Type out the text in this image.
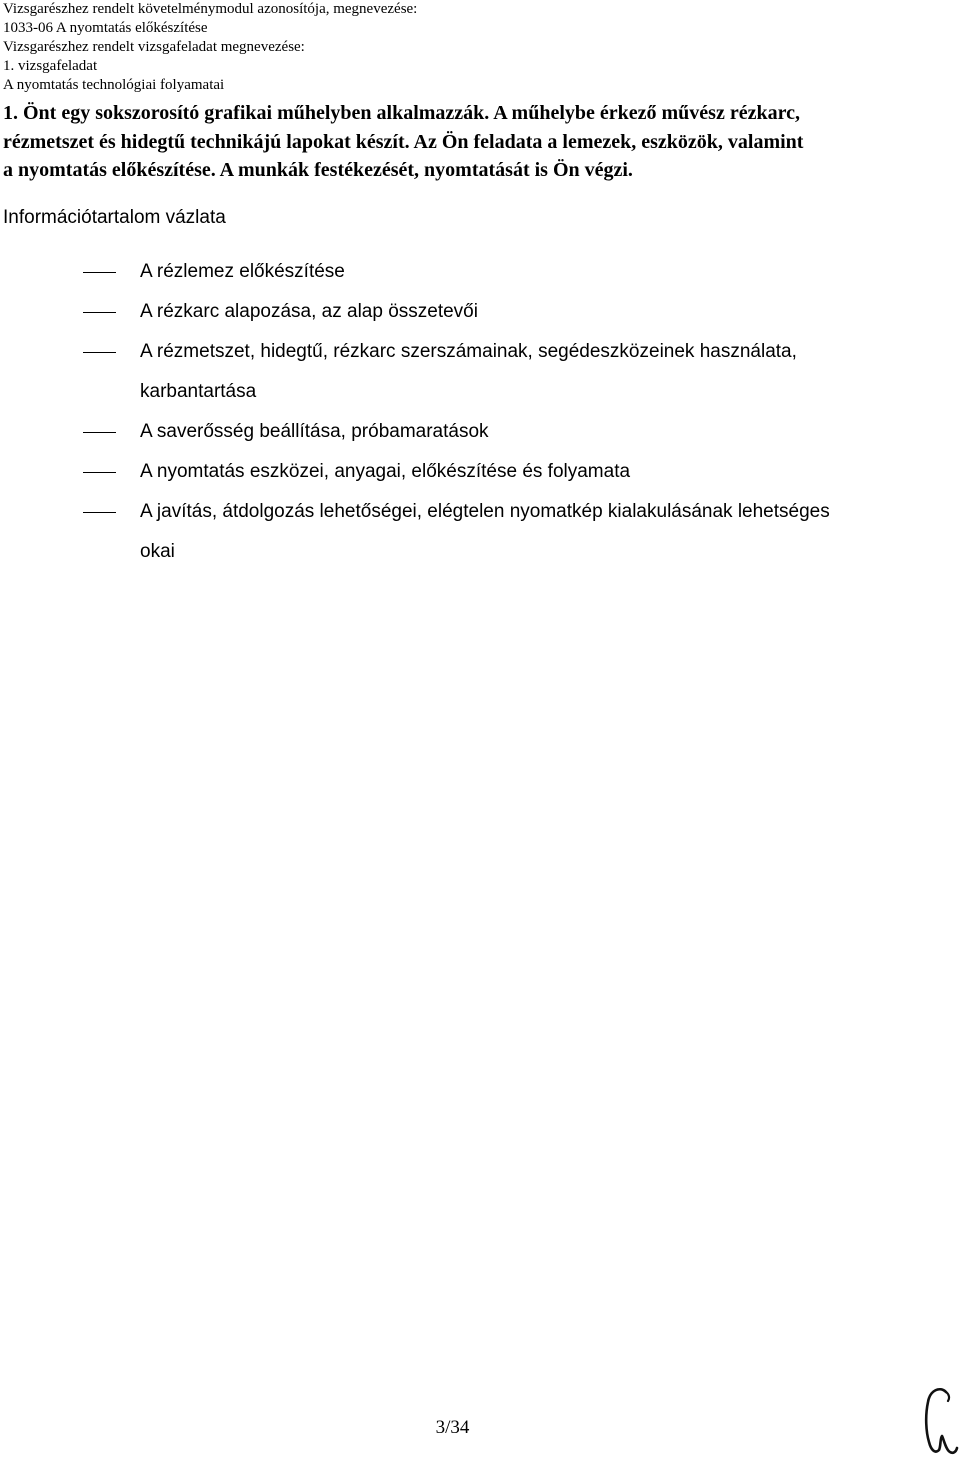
Vizsgarészhez rendelt követelménymodul azonosítója, megnevezése:
1033-06 A nyomtatás előkészítése
Vizsgarészhez rendelt vizsgafeladat megnevezése:
1. vizsgafeladat
A nyomtatás technológiai folyamatai
1. Önt egy sokszorosító grafikai műhelyben alkalmazzák. A műhelybe érkező művész rézkarc,
rézmetszet és hidegtű technikájú lapokat készít. Az Ön feladata a lemezek, eszközök, valamint
a nyomtatás előkészítése. A munkák festékezését, nyomtatását is Ön végzi.
Információtartalom vázlata
A rézlemez előkészítése
A rézkarc alapozása, az alap összetevői
A rézmetszet, hidegtű, rézkarc szerszámainak, segédeszközeinek használata,
karbantartása
A saverősség beállítása, próbamaratások
A nyomtatás eszközei, anyagai, előkészítése és folyamata
A javítás, átdolgozás lehetőségei, elégtelen nyomatkép kialakulásának lehetséges
okai
3/34
